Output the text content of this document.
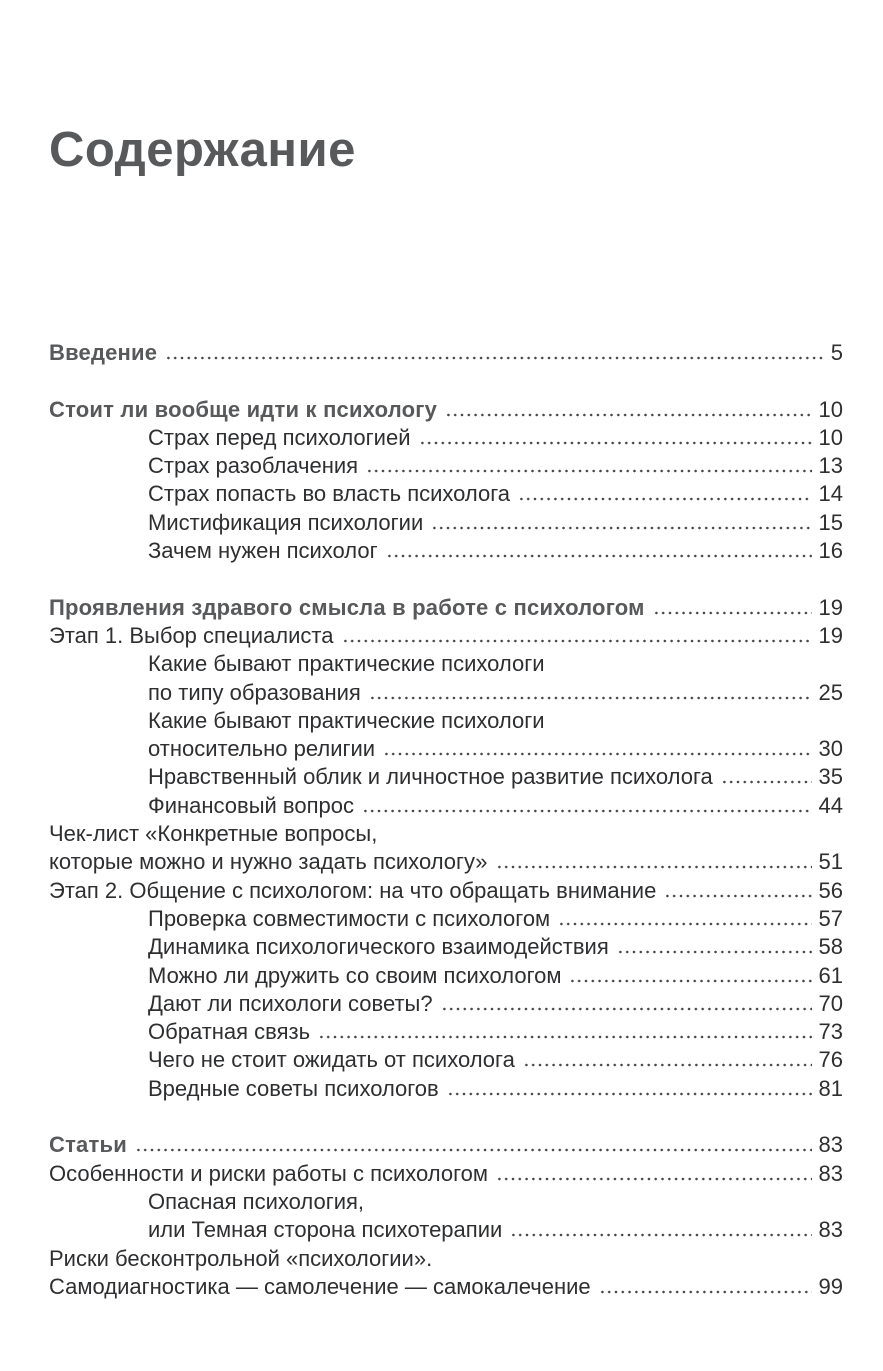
Содержание
Введение	5
Стоит ли вообще идти к психологу	10
Страх перед психологией	10
Страх разоблачения	13
Страх попасть во власть психолога	14
Мистификация психологии	15
Зачем нужен психолог	16
Проявления здравого смысла в работе с психологом	19
Этап 1. Выбор специалиста	19
Какие бывают практические психологи
по типу образования	25
Какие бывают практические психологи
относительно религии	30
Нравственный облик и личностное развитие психолога	35
Финансовый вопрос	44
Чек-лист «Конкретные вопросы,
которые можно и нужно задать психологу»	51
Этап 2. Общение с психологом: на что обращать внимание	56
Проверка совместимости с психологом	57
Динамика психологического взаимодействия	58
Можно ли дружить со своим психологом	61
Дают ли психологи советы?	70
Обратная связь	73
Чего не стоит ожидать от психолога	76
Вредные советы психологов	81
Статьи	83
Особенности и риски работы с психологом	83
Опасная психология,
или Темная сторона психотерапии	83
Риски бесконтрольной «психологии».
Самодиагностика — самолечение — самокалечение	99
